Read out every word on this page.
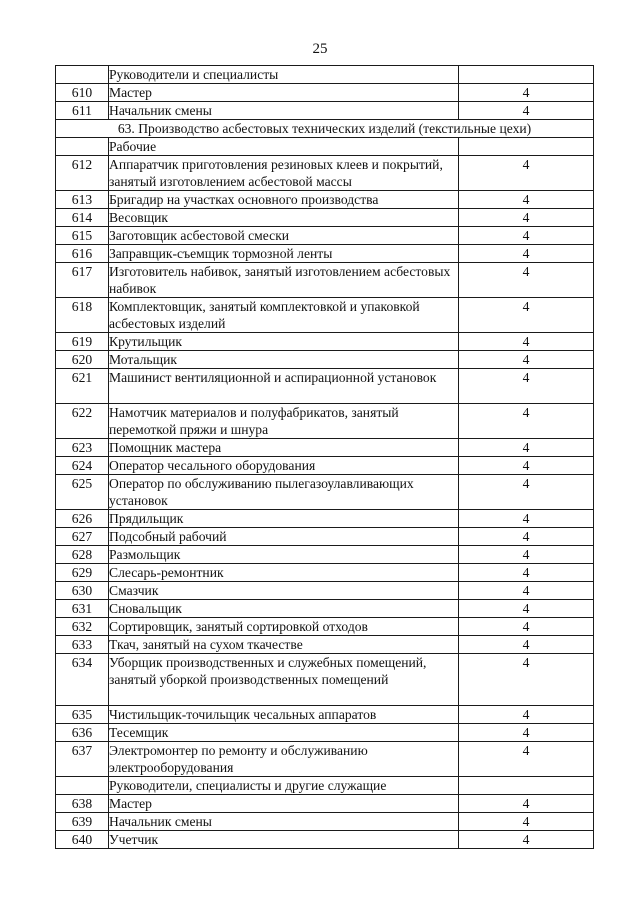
25
	Руководители и специалисты	
610	Мастер	4
611	Начальник смены	4
63. Производство асбестовых технических изделий (текстильные цехи)		
	Рабочие	
612	Аппаратчик приготовления резиновых клеев и покрытий, занятый изготовлением асбестовой массы	4
613	Бригадир на участках основного производства	4
614	Весовщик	4
615	Заготовщик асбестовой смески	4
616	Заправщик-съемщик тормозной ленты	4
617	Изготовитель набивок, занятый изготовлением асбестовых набивок	4
618	Комплектовщик, занятый комплектовкой и упаковкой асбестовых изделий	4
619	Крутильщик	4
620	Мотальщик	4
621	Машинист вентиляционной и аспирационной установок	4
622	Намотчик материалов и полуфабрикатов, занятый перемоткой пряжи и шнура	4
623	Помощник мастера	4
624	Оператор чесального оборудования	4
625	Оператор по обслуживанию пылегазоулавливающих установок	4
626	Прядильщик	4
627	Подсобный рабочий	4
628	Размольщик	4
629	Слесарь-ремонтник	4
630	Смазчик	4
631	Сновальщик	4
632	Сортировщик, занятый сортировкой отходов	4
633	Ткач, занятый на сухом ткачестве	4
634	Уборщик производственных и служебных помещений, занятый уборкой производственных помещений	4
635	Чистильщик-точильщик чесальных аппаратов	4
636	Тесемщик	4
637	Электромонтер по ремонту и обслуживанию электрооборудования	4
	Руководители, специалисты и другие служащие	
638	Мастер	4
639	Начальник смены	4
640	Учетчик	4
